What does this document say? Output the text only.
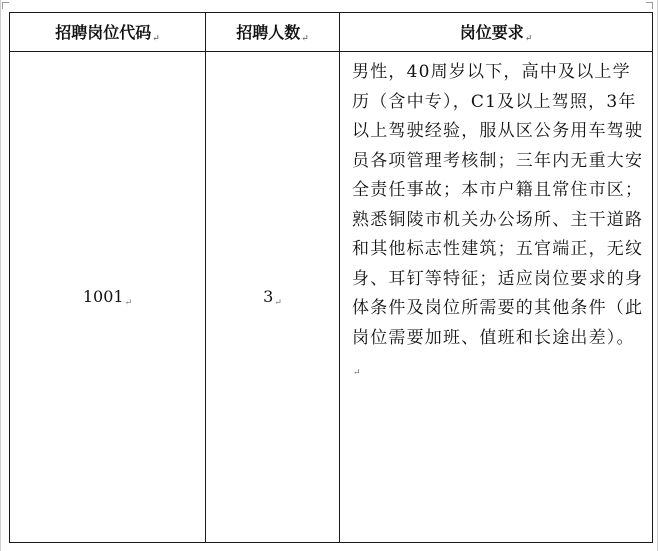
招聘岗位代码↵	招聘人数↵	岗位要求↵
1001↵	3↵	男性，40周岁以下，高中及以上学历（含中专），C1及以上驾照，3年以上驾驶经验，服从区公务用车驾驶员各项管理考核制；三年内无重大安全责任事故；本市户籍且常住市区；熟悉铜陵市机关办公场所、主干道路和其他标志性建筑；五官端正，无纹身、耳钉等特征；适应岗位要求的身体条件及岗位所需要的其他条件（此岗位需要加班、值班和长途出差）。↵
